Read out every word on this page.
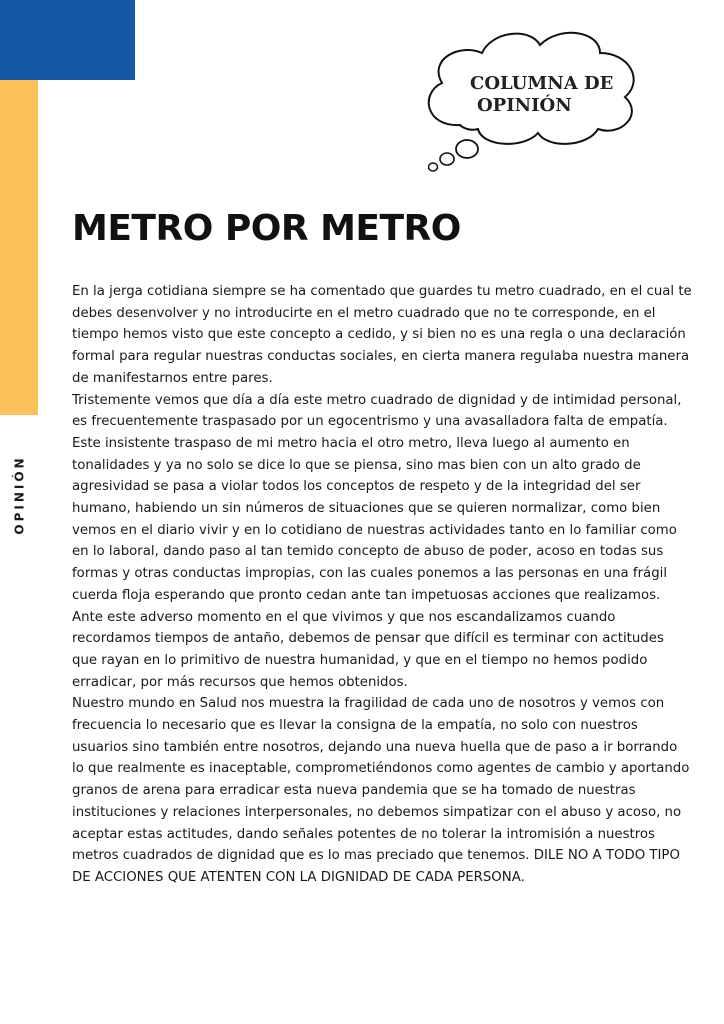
OPINIÓN
COLUMNA DE
OPINIÓN
METRO POR METRO

En la jerga cotidiana siempre se ha comentado que guardes tu metro cuadrado, en el cual te debes desenvolver y no introducirte en el metro cuadrado que no te corresponde, en el tiempo hemos visto que este concepto a cedido, y si bien no es una regla o una declaración formal para regular nuestras conductas sociales, en cierta manera regulaba nuestra manera de manifestarnos entre pares.

Tristemente vemos que día a día este metro cuadrado de dignidad y de intimidad personal, es frecuentemente traspasado por un egocentrismo y una avasalladora falta de empatía. Este insistente traspaso de mi metro hacia el otro metro, lleva luego al aumento en tonalidades y ya no solo se dice lo que se piensa, sino mas bien con un alto grado de agresividad se pasa a violar todos los conceptos de respeto y de la integridad del ser humano, habiendo un sin números de situaciones que se quieren normalizar, como bien vemos en el diario vivir y en lo cotidiano de nuestras actividades tanto en lo familiar como en lo laboral, dando paso al tan temido concepto de abuso de poder, acoso en todas sus formas y otras conductas impropias, con las cuales ponemos a las personas en una frágil cuerda floja esperando que pronto cedan ante tan impetuosas acciones que realizamos. Ante este adverso momento en el que vivimos y que nos escandalizamos cuando recordamos tiempos de antaño, debemos de pensar que difícil es terminar con actitudes que rayan en lo primitivo de nuestra humanidad, y que en el tiempo no hemos podido erradicar, por más recursos que hemos obtenidos.

Nuestro mundo en Salud nos muestra la fragilidad de cada uno de nosotros y vemos con frecuencia lo necesario que es llevar la consigna de la empatía, no solo con nuestros usuarios sino también entre nosotros, dejando una nueva huella que de paso a ir borrando lo que realmente es inaceptable, comprometiéndonos como agentes de cambio y aportando granos de arena para erradicar esta nueva pandemia que se ha tomado de nuestras instituciones y relaciones interpersonales, no debemos simpatizar con el abuso y acoso, no aceptar estas actitudes, dando señales potentes de no tolerar la intromisión a nuestros metros cuadrados de dignidad que es lo mas preciado que tenemos. DILE NO A TODO TIPO DE ACCIONES QUE ATENTEN CON LA DIGNIDAD DE CADA PERSONA.
